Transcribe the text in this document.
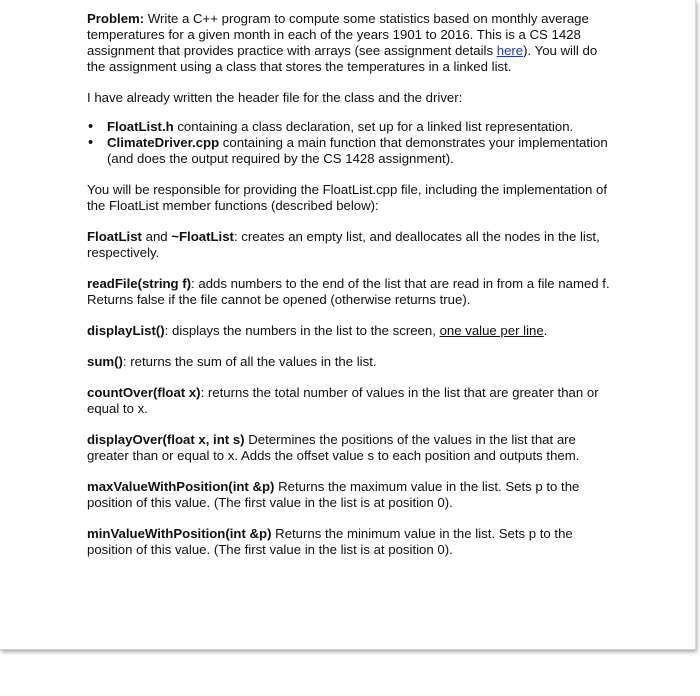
Problem: Write a C++ program to compute some statistics based on monthly average temperatures for a given month in each of the years 1901 to 2016. This is a CS 1428 assignment that provides practice with arrays (see assignment details here). You will do the assignment using a class that stores the temperatures in a linked list.

I have already written the header file for the class and the driver:

• FloatList.h containing a class declaration, set up for a linked list representation.
• ClimateDriver.cpp containing a main function that demonstrates your implementation (and does the output required by the CS 1428 assignment).

You will be responsible for providing the FloatList.cpp file, including the implementation of the FloatList member functions (described below):

FloatList and ~FloatList: creates an empty list, and deallocates all the nodes in the list, respectively.

readFile(string f): adds numbers to the end of the list that are read in from a file named f. Returns false if the file cannot be opened (otherwise returns true).

displayList(): displays the numbers in the list to the screen, one value per line.

sum(): returns the sum of all the values in the list.

countOver(float x): returns the total number of values in the list that are greater than or equal to x.

displayOver(float x, int s) Determines the positions of the values in the list that are greater than or equal to x. Adds the offset value s to each position and outputs them.

maxValueWithPosition(int &p) Returns the maximum value in the list. Sets p to the position of this value. (The first value in the list is at position 0).

minValueWithPosition(int &p) Returns the minimum value in the list. Sets p to the position of this value. (The first value in the list is at position 0).
